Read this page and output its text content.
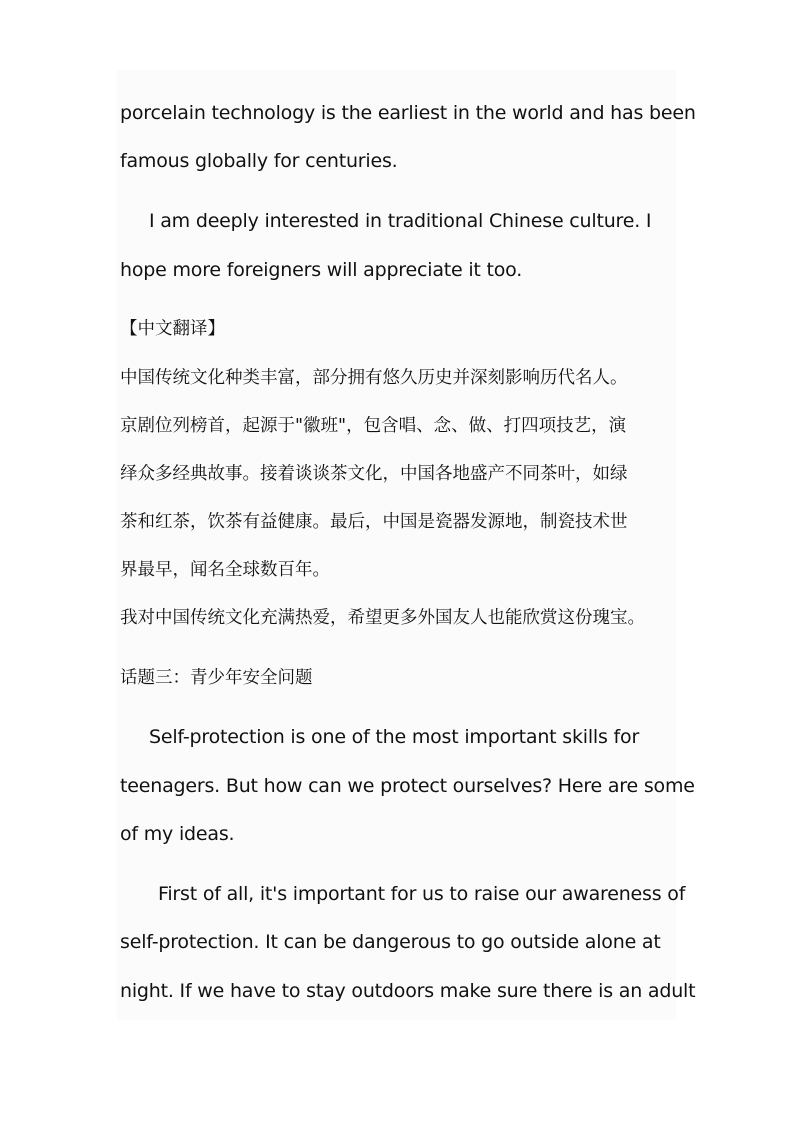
porcelain technology is the earliest in the world and has been
famous globally for centuries.
I am deeply interested in traditional Chinese culture. I
hope more foreigners will appreciate it too.
【中文翻译】
中国传统文化种类丰富，部分拥有悠久历史并深刻影响历代名人。
京剧位列榜首，起源于"徽班"，包含唱、念、做、打四项技艺，演
绎众多经典故事。接着谈谈茶文化，中国各地盛产不同茶叶，如绿
茶和红茶，饮茶有益健康。最后，中国是瓷器发源地，制瓷技术世
界最早，闻名全球数百年。
我对中国传统文化充满热爱，希望更多外国友人也能欣赏这份瑰宝。
话题三：青少年安全问题
Self-protection is one of the most important skills for
teenagers. But how can we protect ourselves? Here are some
of my ideas.
First of all, it's important for us to raise our awareness of
self-protection. It can be dangerous to go outside alone at
night. If we have to stay outdoors make sure there is an adult
